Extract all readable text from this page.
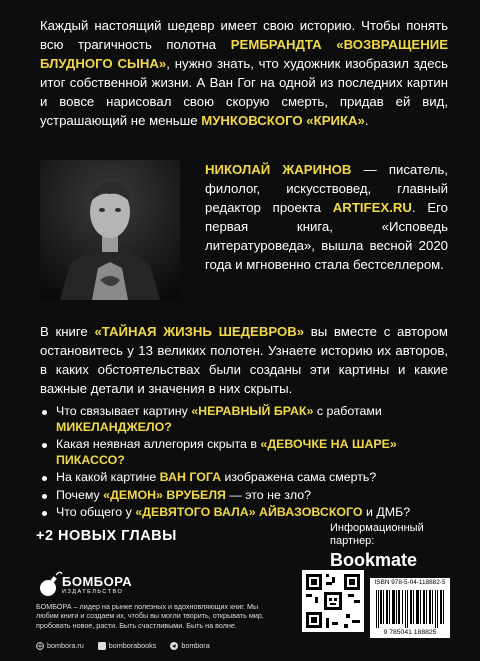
Каждый настоящий шедевр имеет свою историю. Чтобы понять всю трагичность полотна РЕМБРАНДТА «ВОЗВРАЩЕНИЕ БЛУДНОГО СЫНА», нужно знать, что художник изобразил здесь итог собственной жизни. А Ван Гог на одной из последних картин и вовсе нарисовал свою скорую смерть, придав ей вид, устрашающий не меньше МУНКОВСКОГО «КРИКА».

НИКОЛАЙ ЖАРИНОВ — писатель, филолог, искусствовед, главный редактор проекта ARTIFEX.RU. Его первая книга, «Исповедь литературоведа», вышла весной 2020 года и мгновенно стала бестселлером.

В книге «ТАЙНАЯ ЖИЗНЬ ШЕДЕВРОВ» вы вместе с автором остановитесь у 13 великих полотен. Узнаете историю их авторов, в каких обстоятельствах были созданы эти картины и какие важные детали и значения в них скрыты.

Что связывает картину «НЕРАВНЫЙ БРАК» с работами МИКЕЛАНДЖЕЛО?
Какая неявная аллегория скрыта в «ДЕВОЧКЕ НА ШАРЕ» ПИКАССО?
На какой картине ВАН ГОГА изображена сама смерть?
Почему «ДЕМОН» ВРУБЕЛЯ — это не зло?
Что общего у «ДЕВЯТОГО ВАЛА» АЙВАЗОВСКОГО и ДМБ?
+2 НОВЫХ ГЛАВЫ	Информационный партнер:
Bookmate
БОМБОРА
ИЗДАТЕЛЬСТВО

БОМБОРА – лидер на рынке полезных и вдохновляющих книг. Мы любим книги и создаем их, чтобы вы могли творить, открывать мир, пробовать новое, расти. Быть счастливыми. Быть на волне.

bombora.ru	bomborabooks	bombora
ISBN 978-5-04-118882-5
9 785041 188825
